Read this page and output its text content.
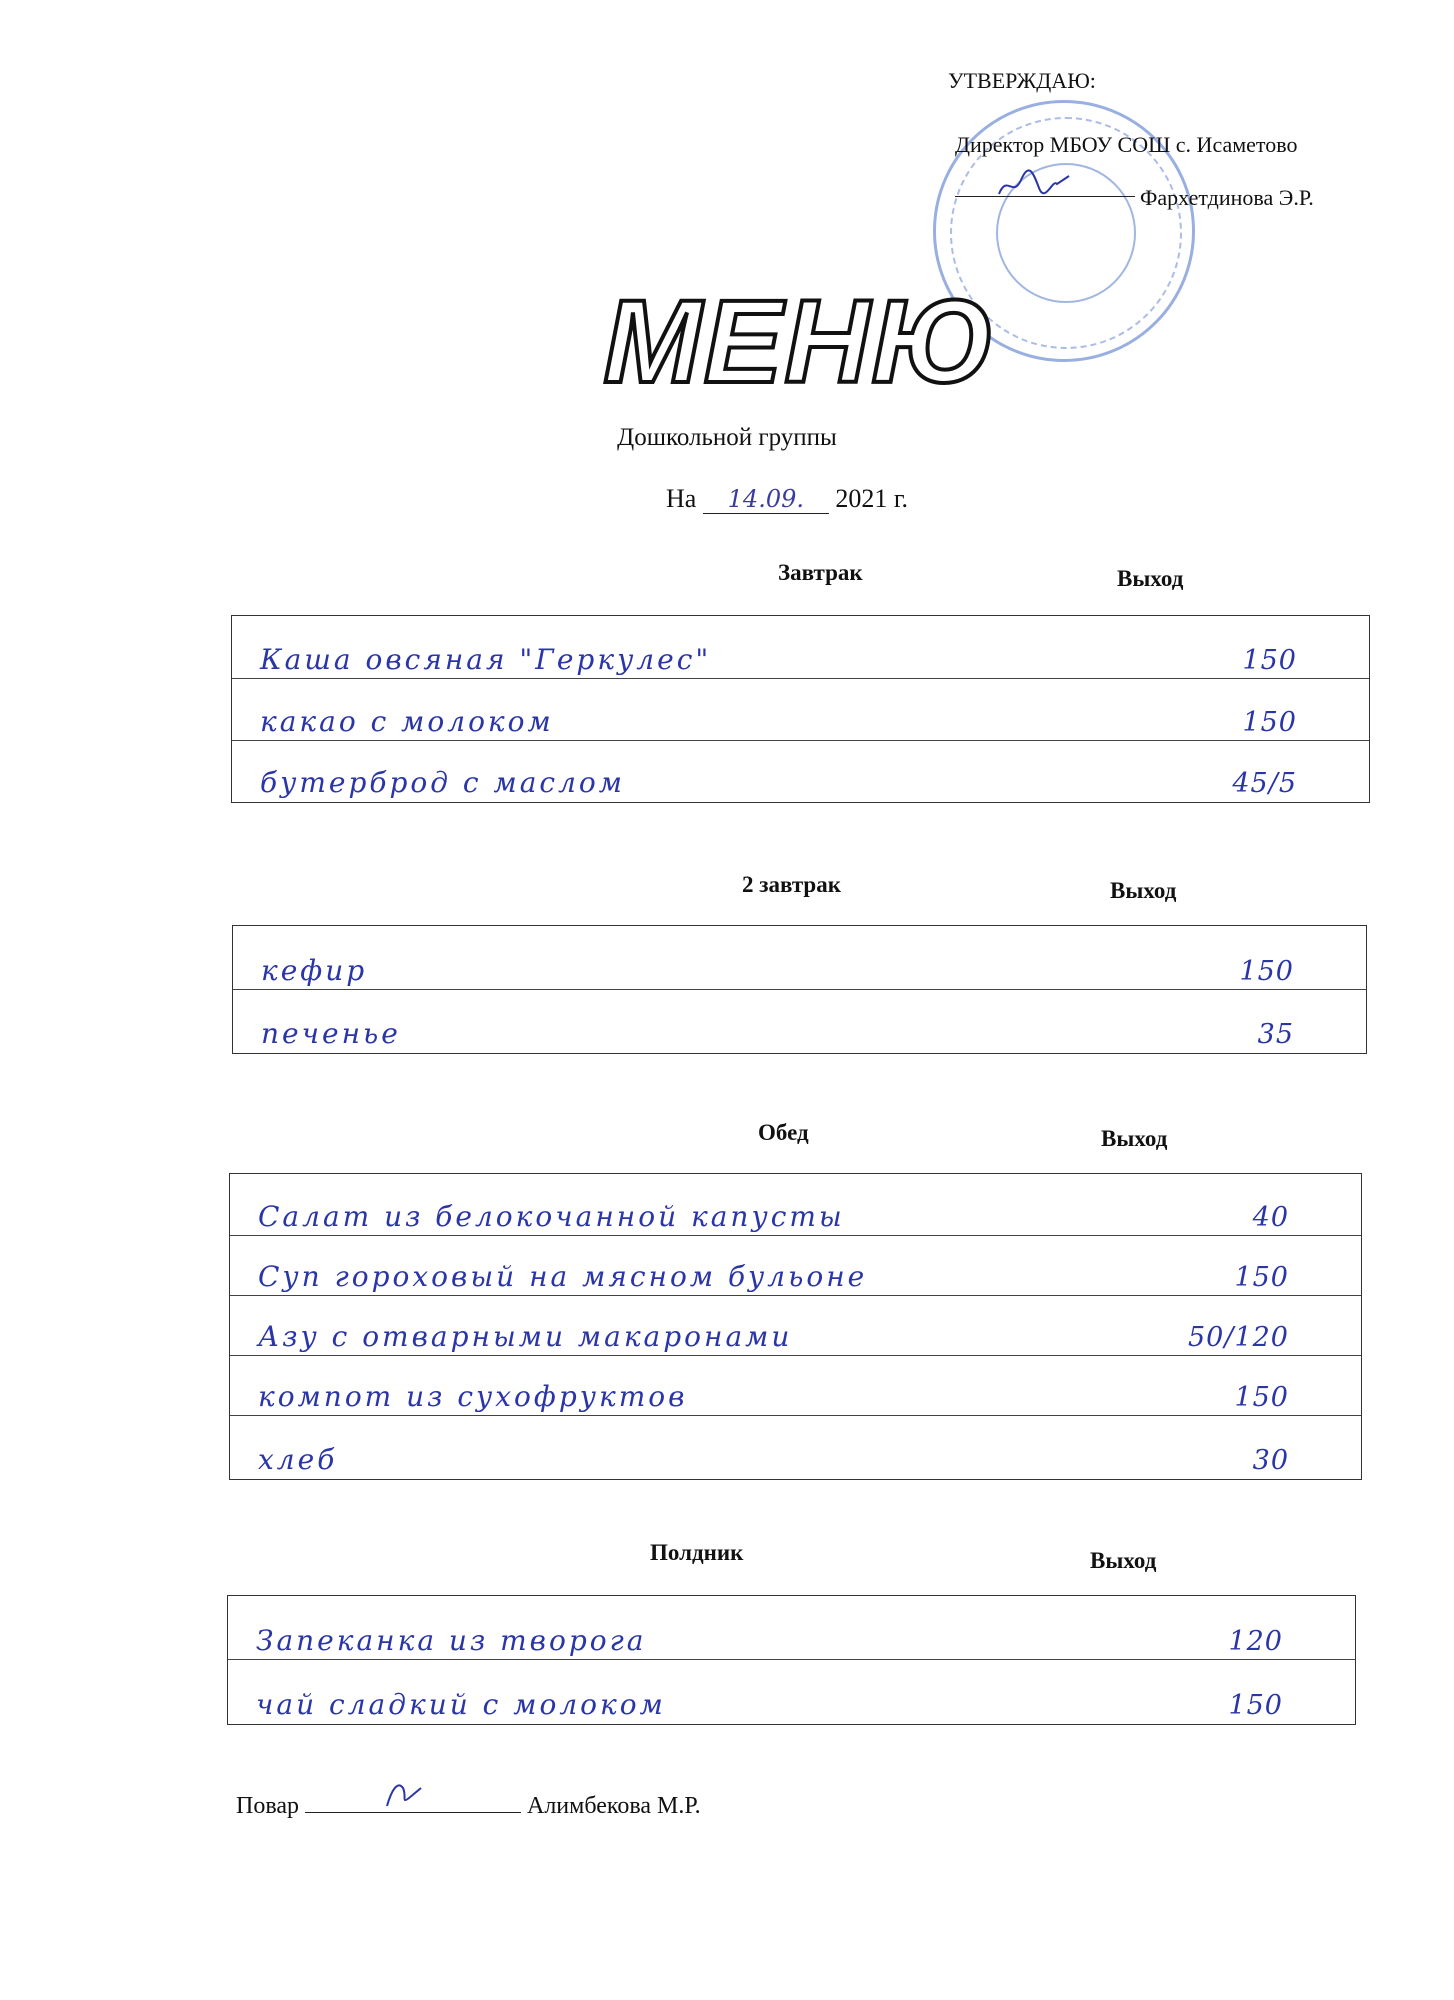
УТВЕРЖДАЮ:
Директор МБОУ СОШ с. Исаметово
Фархетдинова Э.Р.
МЕНЮ
Дошкольной группы
На 14.09. 2021 г.
Завтрак	Выход
Каша овсяная "Геркулес"	150
какао с молоком	150
бутерброд с маслом	45/5
2 завтрак	Выход
кефир	150
печенье	35
Обед	Выход
Салат из белокочанной капусты	40
Суп гороховый на мясном бульоне	150
Азу с отварными макаронами	50/120
компот из сухофруктов	150
хлеб	30
Полдник	Выход
Запеканка из творога	120
чай сладкий с молоком	150
Повар	Алимбекова М.Р.
